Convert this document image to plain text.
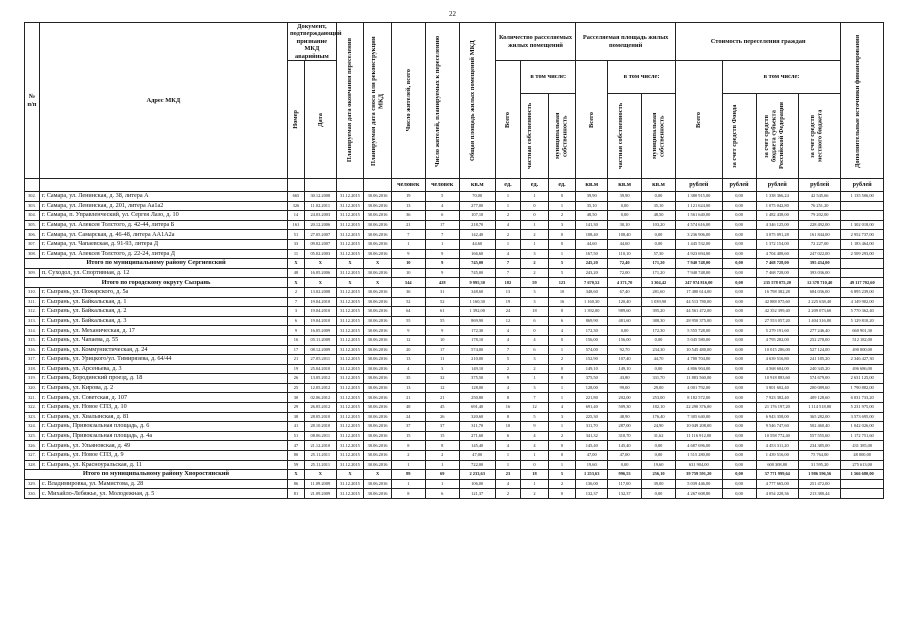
22
№ п/п	Адрес МКД	Документ, подтверждающий признание МКД аварийным		Планируемая дата окончания переселения	Планируемая дата сноса или реконструкции МКД	Число жителей, всего	Число жителей, планируемых к переселению	Общая площадь жилых помещений МКД	Количество расселяемых жилых помещений			Расселяемая площадь жилых помещений			Стоимость переселения граждан				Дополнительные источники финансирования

		Номер	Дата						Всего	в том числе:		Всего	в том числе:		Всего	в том числе:			

										частная собственность	муниципальная собственность		частная собственность	муниципальная собственность		за счет средств Фонда	за счет средств бюджета субъекта Российской Федерации	за счет средств местного бюджета	

						человек	человек	кв.м	ед.	ед.	ед.	кв.м	кв.м	кв.м	рублей	рублей	рублей	рублей	рублей
302.	г. Самара, ул. Ленинская, д. 38, литера А	665	30.12.2008	31.12.2015	30.06.2016	19	5	70,00	1	1	0	39,90	39,90	0,00	1 380 915,00	0,00	1 338 366,24	42 545,66	1 135 506,00
303.	г. Самара, ул. Ленинская, д. 201, литера Аа1а2	326	11.02.2011	31.12.2015	30.06.2016	13	4	277,00	1	0	1	35,10	0,00	35,10	1 121 624,00	0,00	1 075 042,80	76 251,20	
304.	г. Самара, п. Управленческий, ул. Сергея Лазо, д. 10	14	24.03.2003	31.12.2015	30.06.2016	36	6	107,10	2	0	2	48,50	0,00	48,50	1 561 640,00	0,00	1 482 438,00	79 202,00	
305.	г. Самара, ул. Алексея Толстого, д. 42-44, литера Б	161	20.12.2006	31.12.2015	30.06.2016	21	17	218,70	4	1	3	141,30	30,10	103,20	4 574 616,00	0,00	4 346 125,00	228 492,00	1 302 018,00
306.	г. Самара, ул. Самарская, д. 46-48, литера АА1А2а	51	27.05.2007	31.12.2015	30.06.2016	7	7	142,40	2	2	0	108,40	108,40	0,00	3 236 906,00	0,00	3 075 091,28	161 844,00	2 952 737,00
307.	г. Самара, ул. Чапаевская, д. 91-93, литера Д	33	09.02.2007	31.12.2015	30.06.2016	1	1	44,60	1	1	0	44,60	44,60	0,00	1 445 532,00	0,00	1 372 154,00	72 227,00	1 183 464,00
308.	г. Самара, ул. Алексея Толстого, д. 22-24, литера Д	11	05.02.2003	31.12.2015	30.06.2016	9	9	166,60	4	3	1	167,50	110,10	57,30	4 923 694,00	0,00	4 704 408,60	247 022,00	2 509 293,00
Итого по муниципальному району Сергиевский		X	X	X	X	10	9	745,00	7	2	5	245,20	72,40	171,20	7 940 748,00	0,00	7 468 728,00	395 434,00	
309.	п. Суходол, ул. Спортивная, д. 12	48	16.05.2006	31.12.2015	30.06.2016	10	9	745,00	7	2	5	243,20	72,00	171,20	7 940 748,00	0,00	7 468 728,00	393 036,00	
Итого по городскому округу Сызрань		X	X	X	X	544	428	9 995,30	182	59	123	7 670,52	4 371,70	3 304,42	247 974 816,00	0,00	235 578 075,20	12 378 710,40	49 117 702,60
310.	г. Сызрань, ул. Пожарского, д. 5а	2	13.02.2008	31.12.2015	30.06.2016	36	31	348,60	13	3	10	348,60	67,40	281,60	17 480 614,00	0,00	16 798 382,28	684 036,00	6 895 239,00
311.	г. Сызрань, ул. Байкальская, д. 1	7	19.04.2010	31.12.2015	30.06.2016	52	52	1 160,30	19	3	16	1 160,30	120,40	1 039,90	44 513 780,00	0,00	42 888 075,60	2 225 638,40	4 149 902,00
312.	г. Сызрань, ул. Байкальская, д. 2	3	19.04.2010	31.12.2015	30.06.2016	64	61	1 392,00	24	18	8	1 392,00	989,60	395,20	44 561 472,00	0,00	42 352 399,40	2 209 073,60	5 770 362,40
313.	г. Сызрань, ул. Байкальская, д. 3	6	19.04.2010	31.12.2015	30.06.2016	55	55	869,90	12	6	6	869,90	481,60	388,30	28 950 375,00	0,00	27 553 057,20	1 404 316,80	5 129 810,20
314.	г. Сызрань, ул. Механическая, д. 17	9	16.05.2009	31.12.2015	30.06.2016	9	9	172,30	4	0	4	172,30	0,00	172,30	5 555 728,00	0,00	5 279 191,60	277 246,40	660 901,30
315.	г. Сызрань, ул. Чапаева, д. 55	16	05.11.2009	31.12.2015	30.06.2016	12	10	178,10	4	4	0	156,00	156,00	0,00	5 045 580,00	0,00	4 795 282,00	252 278,00	512 182,00
316.	г. Сызрань, ул. Коммунистическая, д. 24	17	08.12.2009	31.12.2015	30.06.2016	20	17	574,00	7	6	1	574,00	92,70	234,30	10 545 480,00	0,00	10 015 286,00	527 124,00	490 000,00
317.	г. Сызрань, ул. Урицкого/ул. Тимирязева, д. 64/44	21	27.05.2011	31.12.2015	30.06.2016	13	11	210,00	5	3	2	152,90	107,40	44,70	4 780 704,00	0,00	4 639 516,80	241 185,20	2 346 427,30
318.	г. Сызрань, ул. Арсеньева, д. 3	19	25.04.2010	31.12.2015	30.06.2016	4	3	149,10	2	2	0	149,10	149,10	0,00	4 806 904,00	0,00	4 568 604,00	240 345,20	496 686,00
319.	г. Сызрань, Бородинский проезд, д. 18	26	13.05.2012	31.12.2015	30.06.2016	35	32	375,50	9	1	8	375,50	43,80	331,70	11 883 560,00	0,00	10 918 883,60	574 679,00	2 631 125,00
320.	г. Сызрань, ул. Кирова, д. 2	25	12.05.2012	31.12.2015	30.06.2016	13	12	128,00	4	3	1	128,00	99,00	29,00	4 001 792,00	0,00	3 801 602,40	200 089,60	1 790 882,00
321.	г. Сызрань, ул. Советская, д. 107	30	02.06.2012	31.12.2015	30.06.2016	21	21	250,80	8	7	1	221,80	202,00	253,00	8 182 572,00	0,00	7 923 382,40	409 128,60	6 031 733,20
322.	г. Сызрань, ул. Новое СПЗ, д. 10	29	26.05.2012	31.12.2015	30.06.2016	48	45	691,40	16	12	4	691,40	509,30	182,10	22 290 376,00	0,00	21 176 197,20	1 114 518,80	5 231 975,00
323.	г. Сызрань, ул. Хвалынская, д. 81	38	28.05.2010	31.12.2015	30.06.2016	24	26	320,60	8	5	3	225,30	48,90	176,40	7 305 640,00	0,00	6 943 358,00	365 282,00	3 573 695,00
324.	г. Сызрань, Привокзальная площадь, д. 6	41	28.10.2010	31.12.2015	30.06.2016	37	37	311,70	10	9	1	311,70	287,00	24,90	10 049 208,00	0,00	9 546 747,60	502 460,40	1 042 026,00
325.	г. Сызрань, Привокзальная площадь, д. 4а	51	08.06.2011	31.12.2015	30.06.2016	15	15	271,60	6	4	2	341,32	310,70	31,62	11 116 912,00	0,00	10 558 772,40	557 555,60	1 172 751,60
326.	г. Сызрань, ул. Ульяновская, д. 49	47	21.12.2010	31.12.2015	30.06.2016	8	8	145,40	4	4	0	145,40	145,40	0,00	4 687 696,00	0,00	4 453 311,20	234 385,00	431 385,00
327.	г. Сызрань, ул. Новое СПЗ, д. 9	80	25.11.2011	31.12.2015	30.06.2016	2	2	47,00	1	1	0	47,00	47,00	0,00	1 515 280,00	0,00	1 439 516,00	75 764,00	48 000,00
328.	г. Сызрань, ул. Красноуральская, д. 11	59	25.11.2011	31.12.2015	30.06.2016	1	1	722,00	1	0	1	19,60	0,00	19,60	631 904,00	0,00	600 308,80	31 595,20	275 613,00
Итого по муниципальному району Хворостянский		X	X	X	X	89	69	2 233,63	23	18	5	1 253,63	996,53	256,10	39 759 591,20	0,00	37 771 999,64	1 986 596,56	1 566 680,00
329.	с. Владимировка, ул. Мамистова, д. 28	86	11.09.2009	31.12.2015	30.06.2016	1	1	106,00	4	1	2	136,00	117,00	39,00	5 039 446,00	0,00	4 777 665,00	251 472,00	
330.	с. Михайло-Лебяжье, ул. Молодежная, д. 5	81	21.09.2009	31.12.2015	30.06.2016	8	6	121,37	2	2	0	132,37	132,37	0,00	4 267 608,80	0,00	4 054 228,36	213 380,44	
